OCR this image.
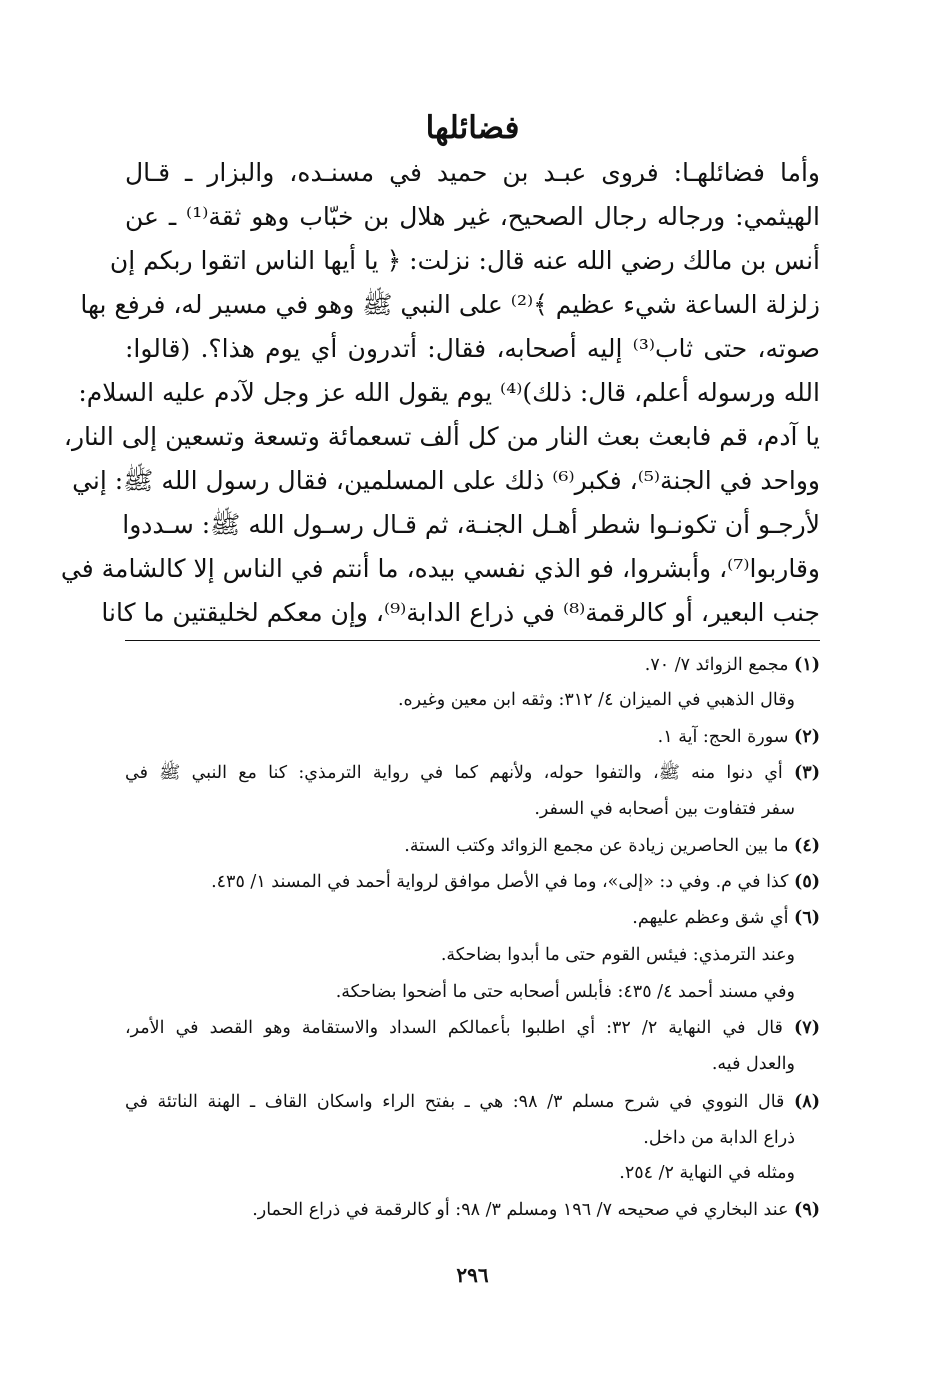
فضائلها
وأما فضائلهـا: فروى عبـد بن حميد في مسنـده، والبزار ـ قـال
الهيثمي: ورجاله رجال الصحيح، غير هلال بن خبّاب وهو ثقة⁽¹⁾ ـ عن
أنس بن مالك رضي الله عنه قال: نزلت: ﴿ يا أيها الناس اتقوا ربكم إن
زلزلة الساعة شيء عظيم ﴾⁽²⁾ على النبي ﷺ وهو في مسير له، فرفع بها
صوته، حتى ثاب⁽³⁾ إليه أصحابه، فقال: أتدرون أي يوم هذا؟. (قالوا:
الله ورسوله أعلم، قال: ذلك)⁽⁴⁾ يوم يقول الله عز وجل لآدم عليه السلام:
يا آدم، قم فابعث بعث النار من كل ألف تسعمائة وتسعة وتسعين إلى النار،
وواحد في الجنة⁽⁵⁾، فكبر⁽⁶⁾ ذلك على المسلمين، فقال رسول الله ﷺ: إني
لأرجـو أن تكونـوا شطر أهـل الجنـة، ثم قـال رسـول الله ﷺ: سـددوا
وقاربوا⁽⁷⁾، وأبشروا، فو الذي نفسي بيده، ما أنتم في الناس إلا كالشامة في
جنب البعير، أو كالرقمة⁽⁸⁾ في ذراع الدابة⁽⁹⁾، وإن معكم لخليقتين ما كانا
(١) مجمع الزوائد ٧/ ٧٠.
وقال الذهبي في الميزان ٤/ ٣١٢: وثقه ابن معين وغيره.
(٢) سورة الحج: آية ١.
(٣) أي دنوا منه ﷺ، والتفوا حوله، ولأنهم كما في رواية الترمذي: كنا مع النبي ﷺ في
سفر فتفاوت بين أصحابه في السفر.
(٤) ما بين الحاصرين زيادة عن مجمع الزوائد وكتب الستة.
(٥) كذا في م. وفي د: «إلى»، وما في الأصل موافق لرواية أحمد في المسند ١/ ٤٣٥.
(٦) أي شق وعظم عليهم.
وعند الترمذي: فيئس القوم حتى ما أبدوا بضاحكة.
وفي مسند أحمد ٤/ ٤٣٥: فأبلس أصحابه حتى ما أضحوا بضاحكة.
(٧) قال في النهاية ٢/ ٣٢: أي اطلبوا بأعمالكم السداد والاستقامة وهو القصد في الأمر،
والعدل فيه.
(٨) قال النووي في شرح مسلم ٣/ ٩٨: هي ـ بفتح الراء واسكان القاف ـ الهنة الناتئة في
ذراع الدابة من داخل.
ومثله في النهاية ٢/ ٢٥٤.
(٩) عند البخاري في صحيحه ٧/ ١٩٦ ومسلم ٣/ ٩٨: أو كالرقمة في ذراع الحمار.
٢٩٦
